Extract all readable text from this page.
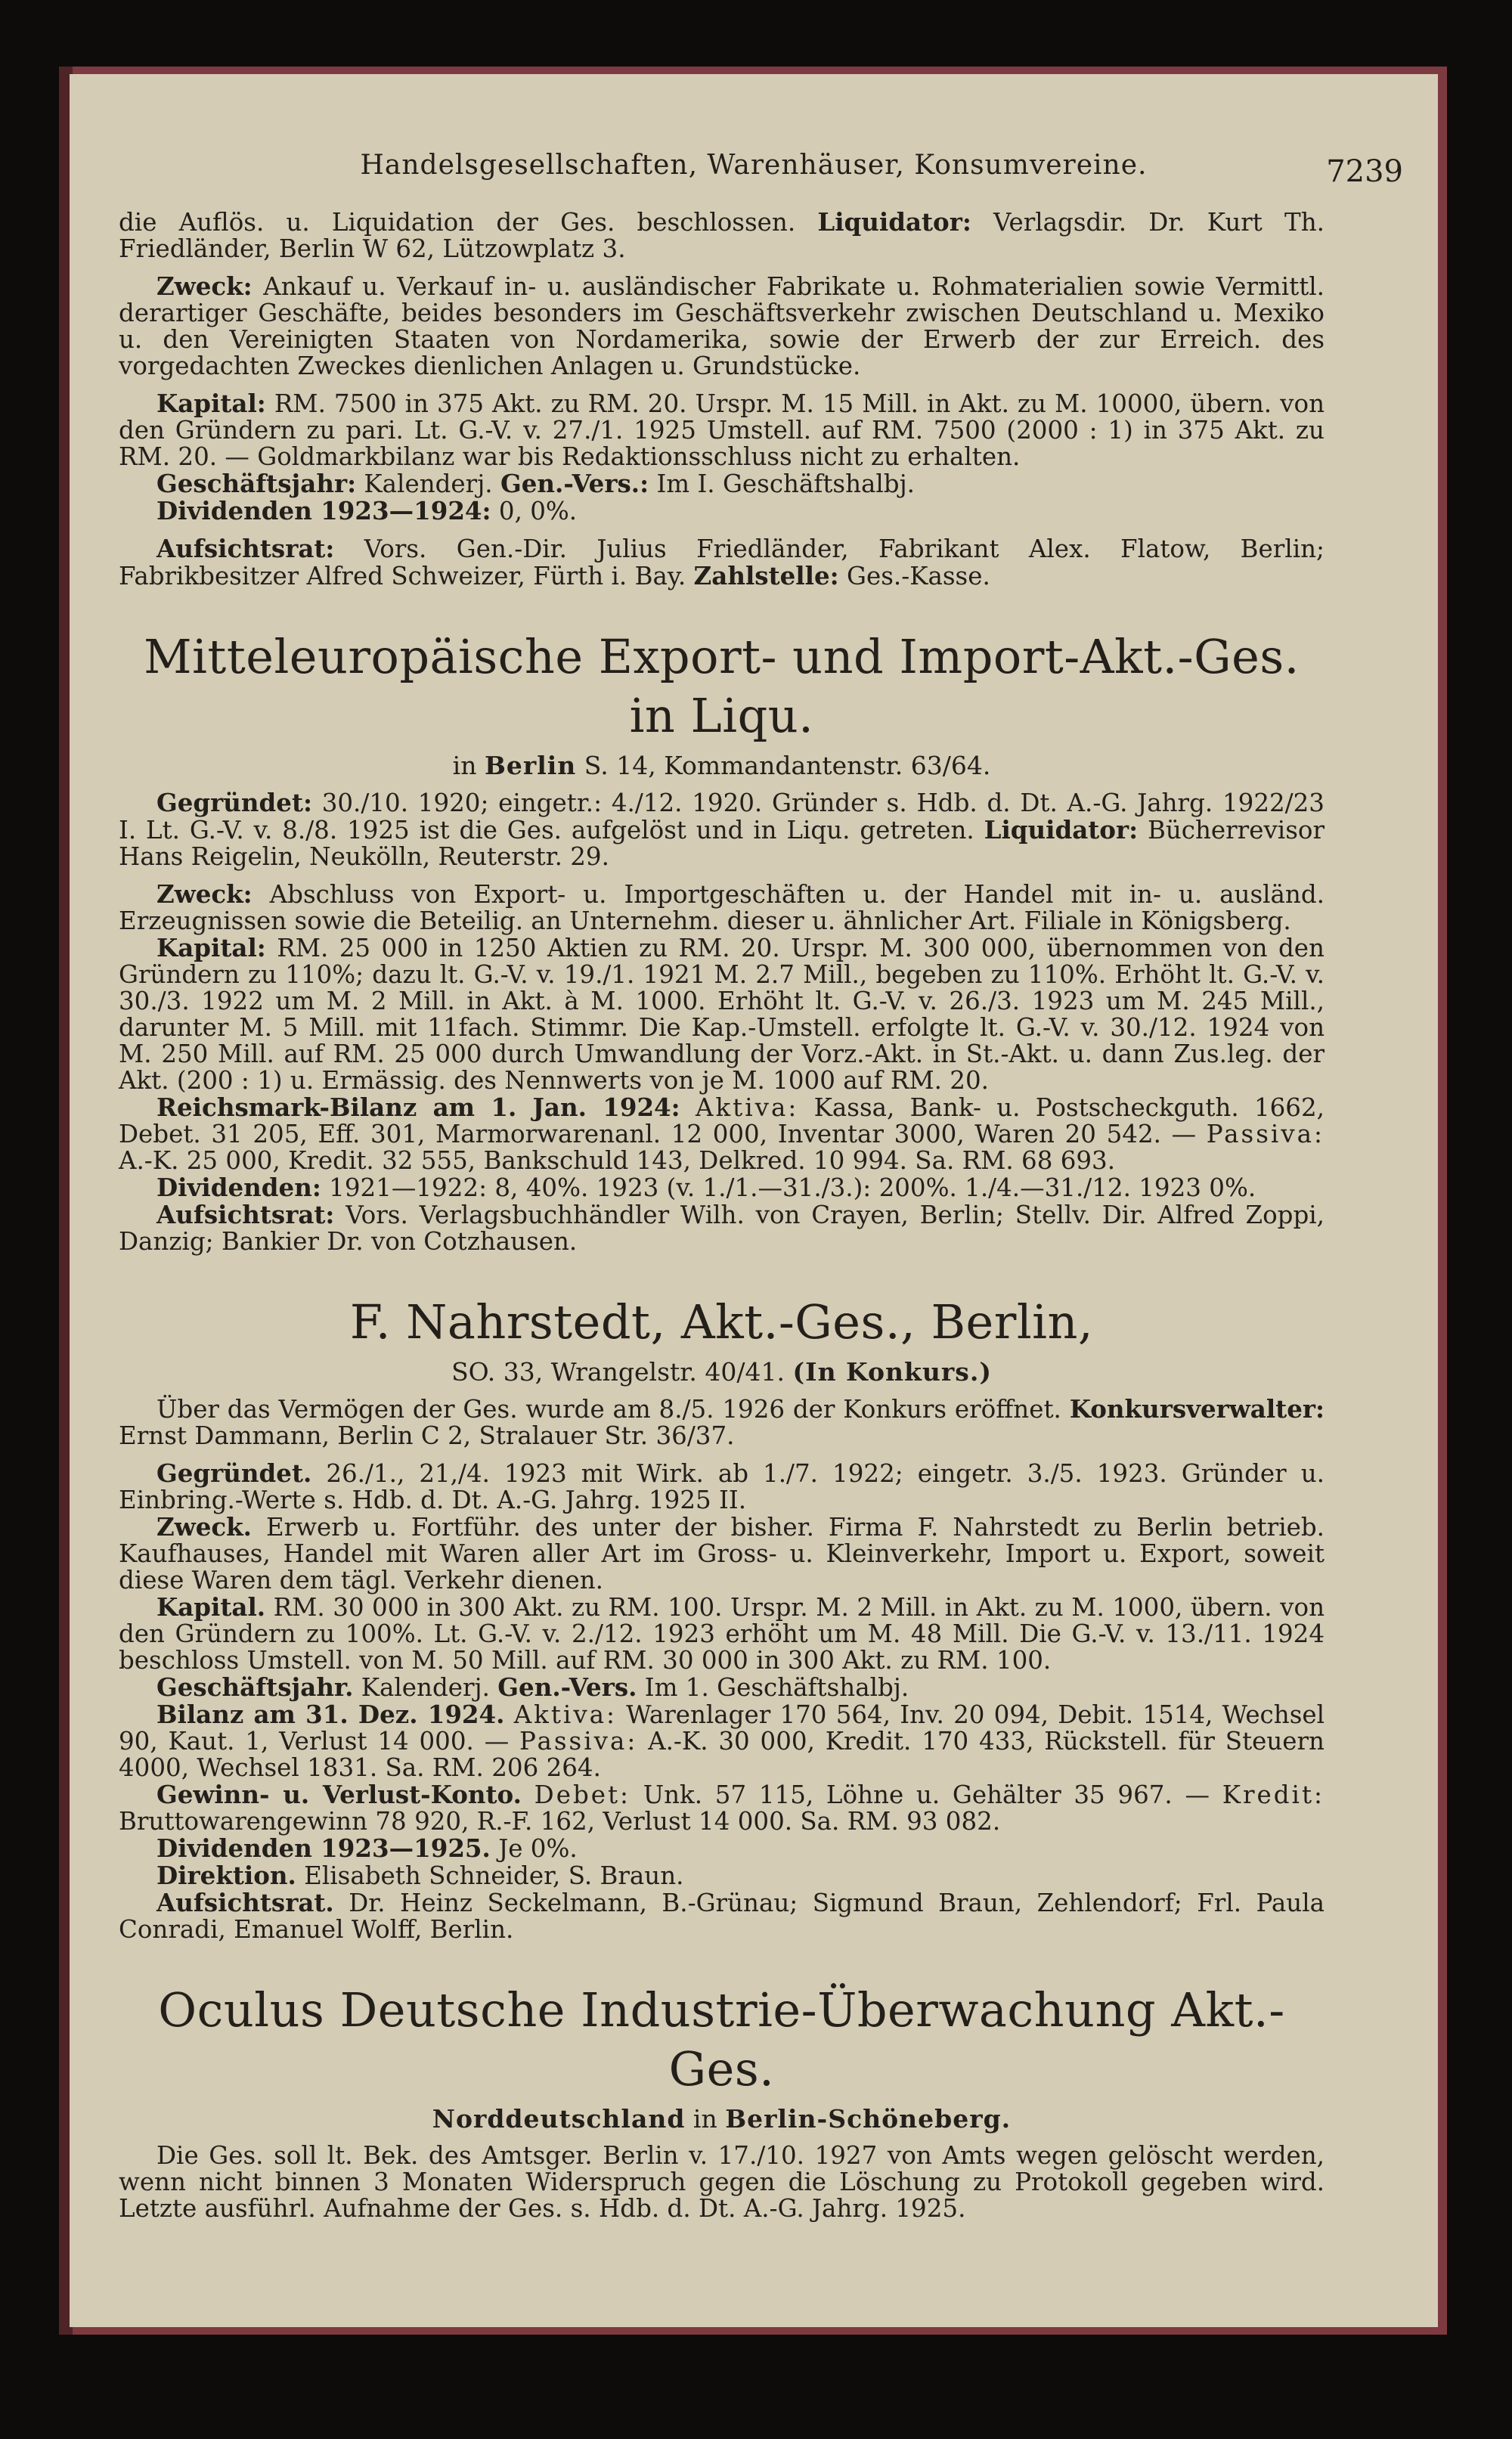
Handelsgesellschaften, Warenhäuser, Konsumvereine.	7239

die Auflös. u. Liquidation der Ges. beschlossen. Liquidator: Verlagsdir. Dr. Kurt Th. Friedländer, Berlin W 62, Lützowplatz 3.

Zweck: Ankauf u. Verkauf in- u. ausländischer Fabrikate u. Rohmaterialien sowie Vermittl. derartiger Geschäfte, beides besonders im Geschäftsverkehr zwischen Deutschland u. Mexiko u. den Vereinigten Staaten von Nordamerika, sowie der Erwerb der zur Erreich. des vorgedachten Zweckes dienlichen Anlagen u. Grundstücke.

Kapital: RM. 7500 in 375 Akt. zu RM. 20. Urspr. M. 15 Mill. in Akt. zu M. 10000, übern. von den Gründern zu pari. Lt. G.-V. v. 27./1. 1925 Umstell. auf RM. 7500 (2000 : 1) in 375 Akt. zu RM. 20. — Goldmarkbilanz war bis Redaktionsschluss nicht zu erhalten.

Geschäftsjahr: Kalenderj. Gen.-Vers.: Im I. Geschäftshalbj.

Dividenden 1923—1924: 0, 0%.

Aufsichtsrat: Vors. Gen.-Dir. Julius Friedländer, Fabrikant Alex. Flatow, Berlin; Fabrikbesitzer Alfred Schweizer, Fürth i. Bay. Zahlstelle: Ges.-Kasse.

Mitteleuropäische Export- und Import-Akt.-Ges. in Liqu.
in Berlin S. 14, Kommandantenstr. 63/64.

Gegründet: 30./10. 1920; eingetr.: 4./12. 1920. Gründer s. Hdb. d. Dt. A.-G. Jahrg. 1922/23 I. Lt. G.-V. v. 8./8. 1925 ist die Ges. aufgelöst und in Liqu. getreten. Liquidator: Bücherrevisor Hans Reigelin, Neukölln, Reuterstr. 29.

Zweck: Abschluss von Export- u. Importgeschäften u. der Handel mit in- u. ausländ. Erzeugnissen sowie die Beteilig. an Unternehm. dieser u. ähnlicher Art. Filiale in Königsberg.

Kapital: RM. 25 000 in 1250 Aktien zu RM. 20. Urspr. M. 300 000, übernommen von den Gründern zu 110%; dazu lt. G.-V. v. 19./1. 1921 M. 2.7 Mill., begeben zu 110%. Erhöht lt. G.-V. v. 30./3. 1922 um M. 2 Mill. in Akt. à M. 1000. Erhöht lt. G.-V. v. 26./3. 1923 um M. 245 Mill., darunter M. 5 Mill. mit 11fach. Stimmr. Die Kap.-Umstell. erfolgte lt. G.-V. v. 30./12. 1924 von M. 250 Mill. auf RM. 25 000 durch Umwandlung der Vorz.-Akt. in St.-Akt. u. dann Zus.leg. der Akt. (200 : 1) u. Ermässig. des Nennwerts von je M. 1000 auf RM. 20.

Reichsmark-Bilanz am 1. Jan. 1924: Aktiva: Kassa, Bank- u. Postscheckguth. 1662, Debet. 31 205, Eff. 301, Marmorwarenanl. 12 000, Inventar 3000, Waren 20 542. — Passiva: A.-K. 25 000, Kredit. 32 555, Bankschuld 143, Delkred. 10 994. Sa. RM. 68 693.

Dividenden: 1921—1922: 8, 40%. 1923 (v. 1./1.—31./3.): 200%. 1./4.—31./12. 1923 0%.

Aufsichtsrat: Vors. Verlagsbuchhändler Wilh. von Crayen, Berlin; Stellv. Dir. Alfred Zoppi, Danzig; Bankier Dr. von Cotzhausen.

F. Nahrstedt, Akt.-Ges., Berlin,
SO. 33, Wrangelstr. 40/41. (In Konkurs.)

Über das Vermögen der Ges. wurde am 8./5. 1926 der Konkurs eröffnet. Konkursverwalter: Ernst Dammann, Berlin C 2, Stralauer Str. 36/37.

Gegründet. 26./1., 21,/4. 1923 mit Wirk. ab 1./7. 1922; eingetr. 3./5. 1923. Gründer u. Einbring.-Werte s. Hdb. d. Dt. A.-G. Jahrg. 1925 II.

Zweck. Erwerb u. Fortführ. des unter der bisher. Firma F. Nahrstedt zu Berlin betrieb. Kaufhauses, Handel mit Waren aller Art im Gross- u. Kleinverkehr, Import u. Export, soweit diese Waren dem tägl. Verkehr dienen.

Kapital. RM. 30 000 in 300 Akt. zu RM. 100. Urspr. M. 2 Mill. in Akt. zu M. 1000, übern. von den Gründern zu 100%. Lt. G.-V. v. 2./12. 1923 erhöht um M. 48 Mill. Die G.-V. v. 13./11. 1924 beschloss Umstell. von M. 50 Mill. auf RM. 30 000 in 300 Akt. zu RM. 100.

Geschäftsjahr. Kalenderj. Gen.-Vers. Im 1. Geschäftshalbj.

Bilanz am 31. Dez. 1924. Aktiva: Warenlager 170 564, Inv. 20 094, Debit. 1514, Wechsel 90, Kaut. 1, Verlust 14 000. — Passiva: A.-K. 30 000, Kredit. 170 433, Rückstell. für Steuern 4000, Wechsel 1831. Sa. RM. 206 264.

Gewinn- u. Verlust-Konto. Debet: Unk. 57 115, Löhne u. Gehälter 35 967. — Kredit: Bruttowarengewinn 78 920, R.-F. 162, Verlust 14 000. Sa. RM. 93 082.

Dividenden 1923—1925. Je 0%.

Direktion. Elisabeth Schneider, S. Braun.

Aufsichtsrat. Dr. Heinz Seckelmann, B.-Grünau; Sigmund Braun, Zehlendorf; Frl. Paula Conradi, Emanuel Wolff, Berlin.

Oculus Deutsche Industrie-Überwachung Akt.-Ges.
Norddeutschland in Berlin-Schöneberg.

Die Ges. soll lt. Bek. des Amtsger. Berlin v. 17./10. 1927 von Amts wegen gelöscht werden, wenn nicht binnen 3 Monaten Widerspruch gegen die Löschung zu Protokoll gegeben wird. Letzte ausführl. Aufnahme der Ges. s. Hdb. d. Dt. A.-G. Jahrg. 1925.
